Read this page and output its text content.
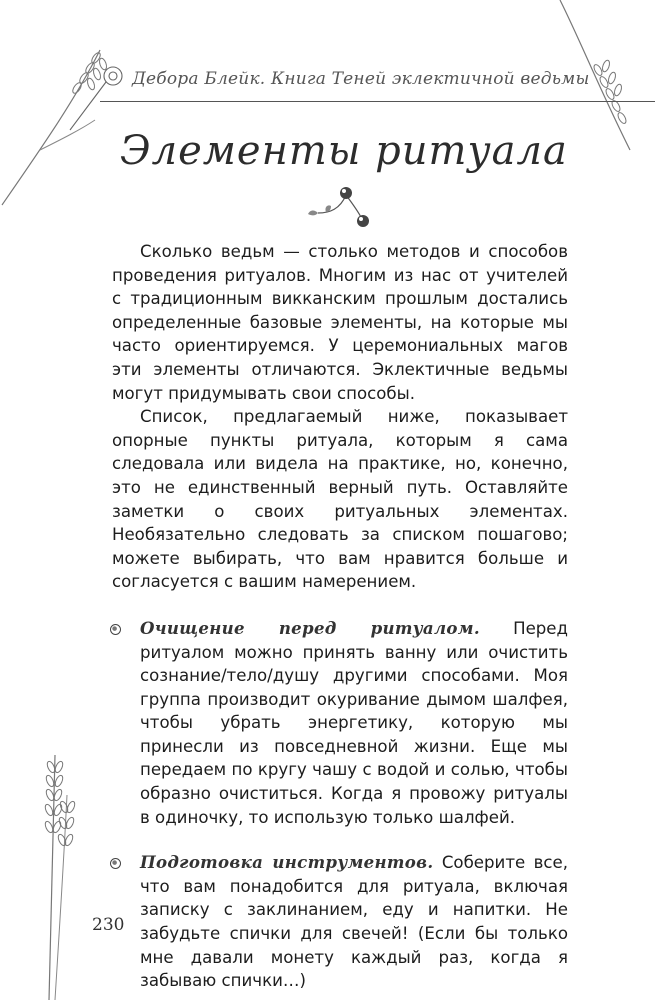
Дебора Блейк. Книга Теней эклектичной ведьмы
Элементы ритуала

Сколько ведьм — столько методов и способов проведения ритуалов. Многим из нас от учителей с традиционным викканским прошлым достались определенные базовые элементы, на которые мы часто ориентируемся. У церемониальных магов эти элементы отличаются. Эклектичные ведьмы могут придумывать свои способы.

Список, предлагаемый ниже, показывает опорные пункты ритуала, которым я сама следовала или видела на практике, но, конечно, это не единственный верный путь. Оставляйте заметки о своих ритуальных элементах. Необязательно следовать за списком пошагово; можете выбирать, что вам нравится больше и согласуется с вашим намерением.

Очищение перед ритуалом. Перед ритуалом можно принять ванну или очистить сознание/тело/душу другими способами. Моя группа производит окуривание дымом шалфея, чтобы убрать энергетику, которую мы принесли из повседневной жизни. Еще мы передаем по кругу чашу с водой и солью, чтобы образно очиститься. Когда я провожу ритуалы в одиночку, то использую только шалфей.

Подготовка инструментов. Соберите все, что вам понадобится для ритуала, включая записку с заклинанием, еду и напитки. Не забудьте спички для свечей! (Если бы только мне давали монету каждый раз, когда я забываю спички…)

230
